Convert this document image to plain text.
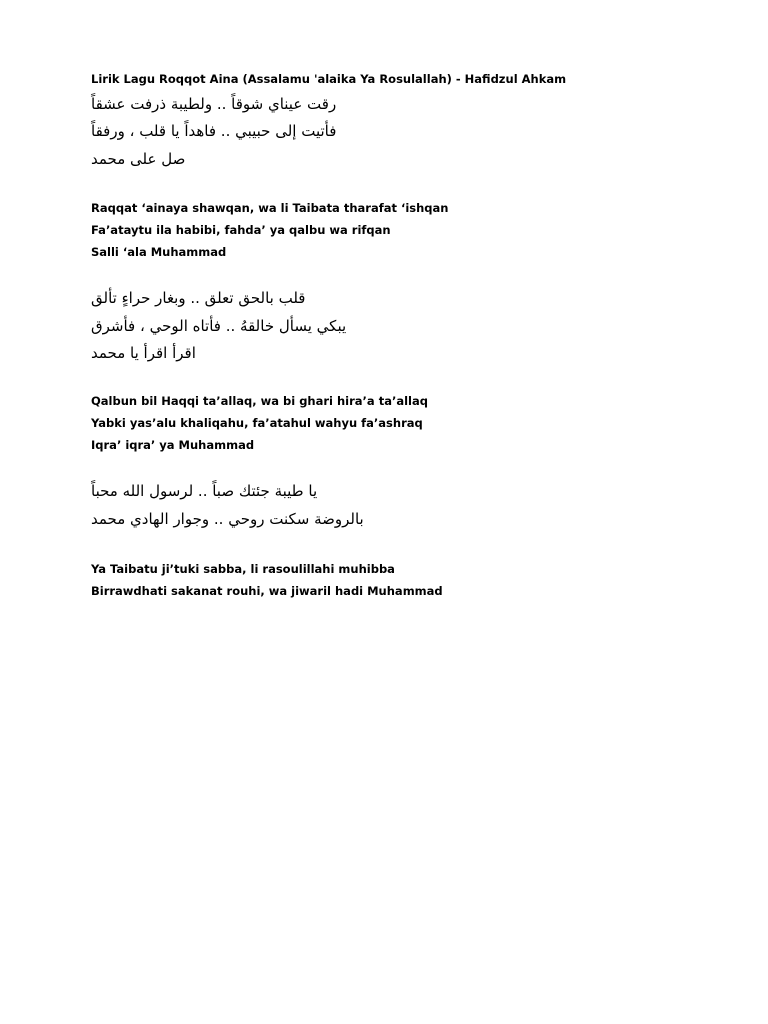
Lirik Lagu Roqqot Aina (Assalamu 'alaika Ya Rosulallah) - Hafidzul Ahkam
رقت عيناي شوقاً .. ولطيبة ذرفت عشقاً
فأتيت إلى حبيبي .. فاهداً يا قلب ، ورفقاً
صل على محمد
Raqqat ‘ainaya shawqan, wa li Taibata tharafat ‘ishqan
Fa’ataytu ila habibi, fahda’ ya qalbu wa rifqan
Salli ‘ala Muhammad
قلب بالحق تعلق .. وبغار حراءٍ تألق
يبكي يسأل خالقهُ .. فأتاه الوحي ، فأشرق
اقرأ اقرأ يا محمد
Qalbun bil Haqqi ta’allaq, wa bi ghari hira’a ta’allaq
Yabki yas’alu khaliqahu, fa’atahul wahyu fa’ashraq
Iqra’ iqra’ ya Muhammad
يا طيبة جئتك صباً .. لرسول الله محباً
بالروضة سكنت روحي .. وجوار الهادي محمد
Ya Taibatu ji’tuki sabba, li rasoulillahi muhibba
Birrawdhati sakanat rouhi, wa jiwaril hadi Muhammad
